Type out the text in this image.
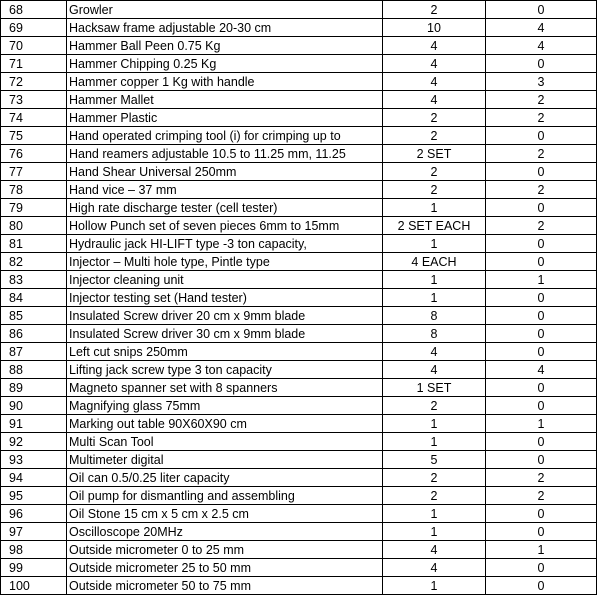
68	Growler	2	0
69	Hacksaw frame adjustable 20-30 cm	10	4
70	Hammer Ball Peen 0.75 Kg	4	4
71	Hammer Chipping 0.25 Kg	4	0
72	Hammer copper 1 Kg with handle	4	3
73	Hammer Mallet	4	2
74	Hammer Plastic	2	2
75	Hand operated crimping tool (i) for crimping up to	2	0
76	Hand reamers adjustable 10.5 to 11.25 mm, 11.25	2 SET	2
77	Hand Shear Universal 250mm	2	0
78	Hand vice – 37 mm	2	2
79	High rate discharge tester (cell tester)	1	0
80	Hollow Punch set of seven pieces 6mm to 15mm	2 SET EACH	2
81	Hydraulic jack HI-LIFT type -3 ton capacity,	1	0
82	Injector – Multi hole type, Pintle type	4 EACH	0
83	Injector cleaning unit	1	1
84	Injector testing set (Hand tester)	1	0
85	Insulated Screw driver 20 cm x 9mm blade	8	0
86	Insulated Screw driver 30 cm x 9mm blade	8	0
87	Left cut snips 250mm	4	0
88	Lifting jack screw type 3 ton capacity	4	4
89	Magneto spanner set with 8 spanners	1 SET	0
90	Magnifying glass 75mm	2	0
91	Marking out table 90X60X90 cm	1	1
92	Multi Scan Tool	1	0
93	Multimeter digital	5	0
94	Oil can 0.5/0.25 liter capacity	2	2
95	Oil pump for dismantling and assembling	2	2
96	Oil Stone 15 cm x 5 cm x 2.5 cm	1	0
97	Oscilloscope 20MHz	1	0
98	Outside micrometer 0 to 25 mm	4	1
99	Outside micrometer 25 to 50 mm	4	0
100	Outside micrometer 50 to 75 mm	1	0
